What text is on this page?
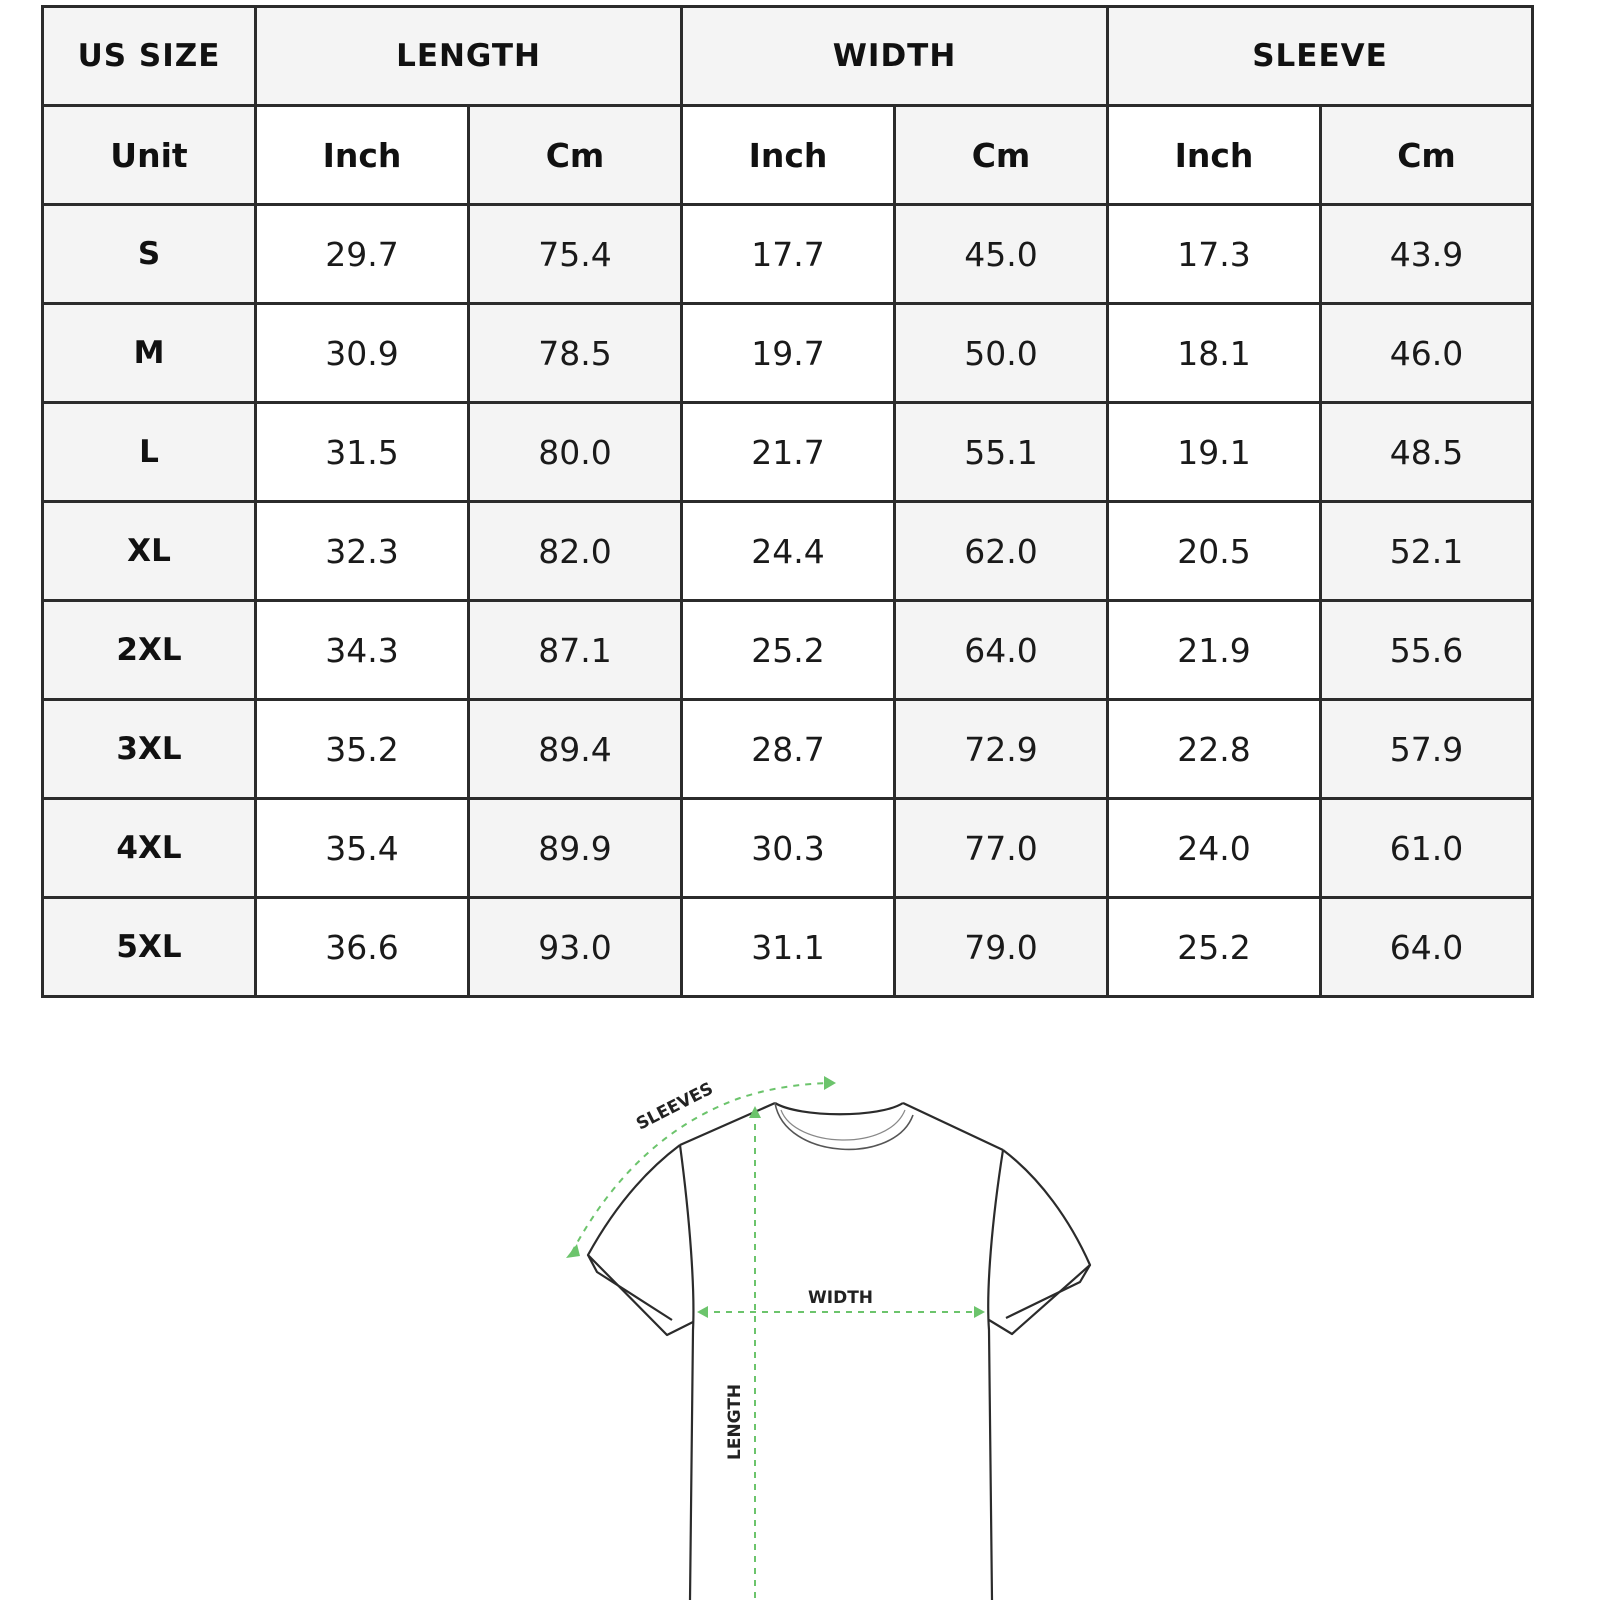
US SIZE	LENGTH		WIDTH		SLEEVE	
Unit	Inch	Cm	Inch	Cm	Inch	Cm
S	29.7	75.4	17.7	45.0	17.3	43.9
M	30.9	78.5	19.7	50.0	18.1	46.0
L	31.5	80.0	21.7	55.1	19.1	48.5
XL	32.3	82.0	24.4	62.0	20.5	52.1
2XL	34.3	87.1	25.2	64.0	21.9	55.6
3XL	35.2	89.4	28.7	72.9	22.8	57.9
4XL	35.4	89.9	30.3	77.0	24.0	61.0
5XL	36.6	93.0	31.1	79.0	25.2	64.0
SLEEVES
WIDTH
LENGTH
